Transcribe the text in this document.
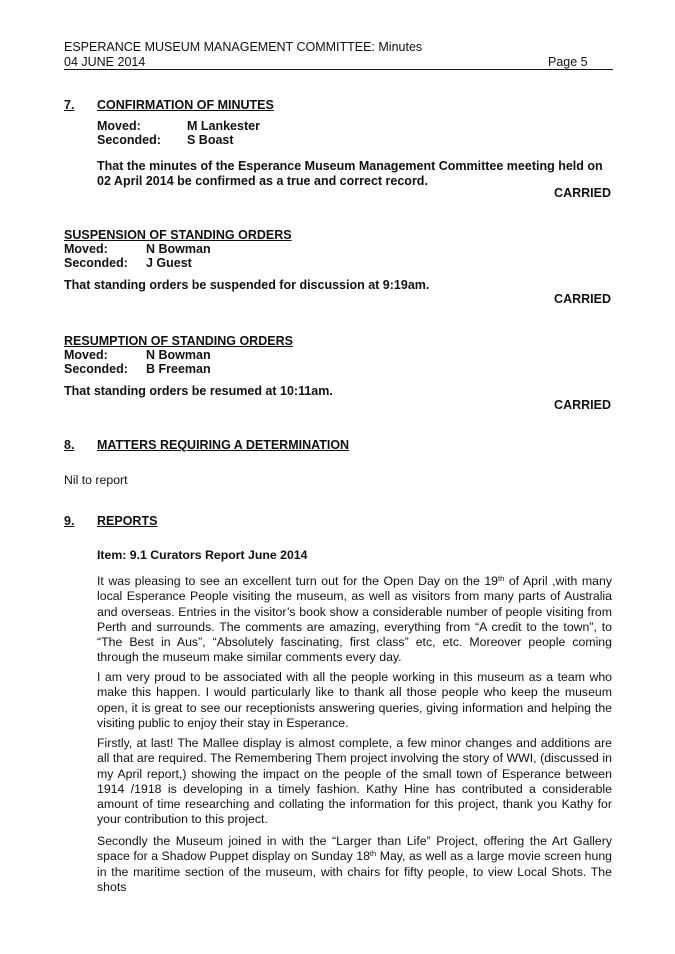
ESPERANCE MUSEUM MANAGEMENT COMMITTEE: Minutes
04 JUNE 2014	Page 5
7. CONFIRMATION OF MINUTES
Moved:	M Lankester
Seconded: S Boast
That the minutes of the Esperance Museum Management Committee meeting held on 02 April 2014 be confirmed as a true and correct record.
CARRIED
SUSPENSION OF STANDING ORDERS
Moved:	N Bowman
Seconded: J Guest
That standing orders be suspended for discussion at 9:19am.
CARRIED
RESUMPTION OF STANDING ORDERS
Moved:	N Bowman
Seconded: B Freeman
That standing orders be resumed at 10:11am.
CARRIED
8. MATTERS REQUIRING A DETERMINATION
Nil to report
9. REPORTS
Item: 9.1 Curators Report June 2014

It was pleasing to see an excellent turn out for the Open Day on the 19th of April ,with many local Esperance People visiting the museum, as well as visitors from many parts of Australia and overseas. Entries in the visitor’s book show a considerable number of people visiting from Perth and surrounds. The comments are amazing, everything from “A credit to the town”, to “The Best in Aus”, “Absolutely fascinating, first class” etc, etc. Moreover people coming through the museum make similar comments every day.

I am very proud to be associated with all the people working in this museum as a team who make this happen. I would particularly like to thank all those people who keep the museum open, it is great to see our receptionists answering queries, giving information and helping the visiting public to enjoy their stay in Esperance.

Firstly, at last! The Mallee display is almost complete, a few minor changes and additions are all that are required. The Remembering Them project involving the story of WWI, (discussed in my April report,) showing the impact on the people of the small town of Esperance between 1914 /1918 is developing in a timely fashion. Kathy Hine has contributed a considerable amount of time researching and collating the information for this project, thank you Kathy for your contribution to this project.

Secondly the Museum joined in with the “Larger than Life” Project, offering the Art Gallery space for a Shadow Puppet display on Sunday 18th May, as well as a large movie screen hung in the maritime section of the museum, with chairs for fifty people, to view Local Shots. The shots
